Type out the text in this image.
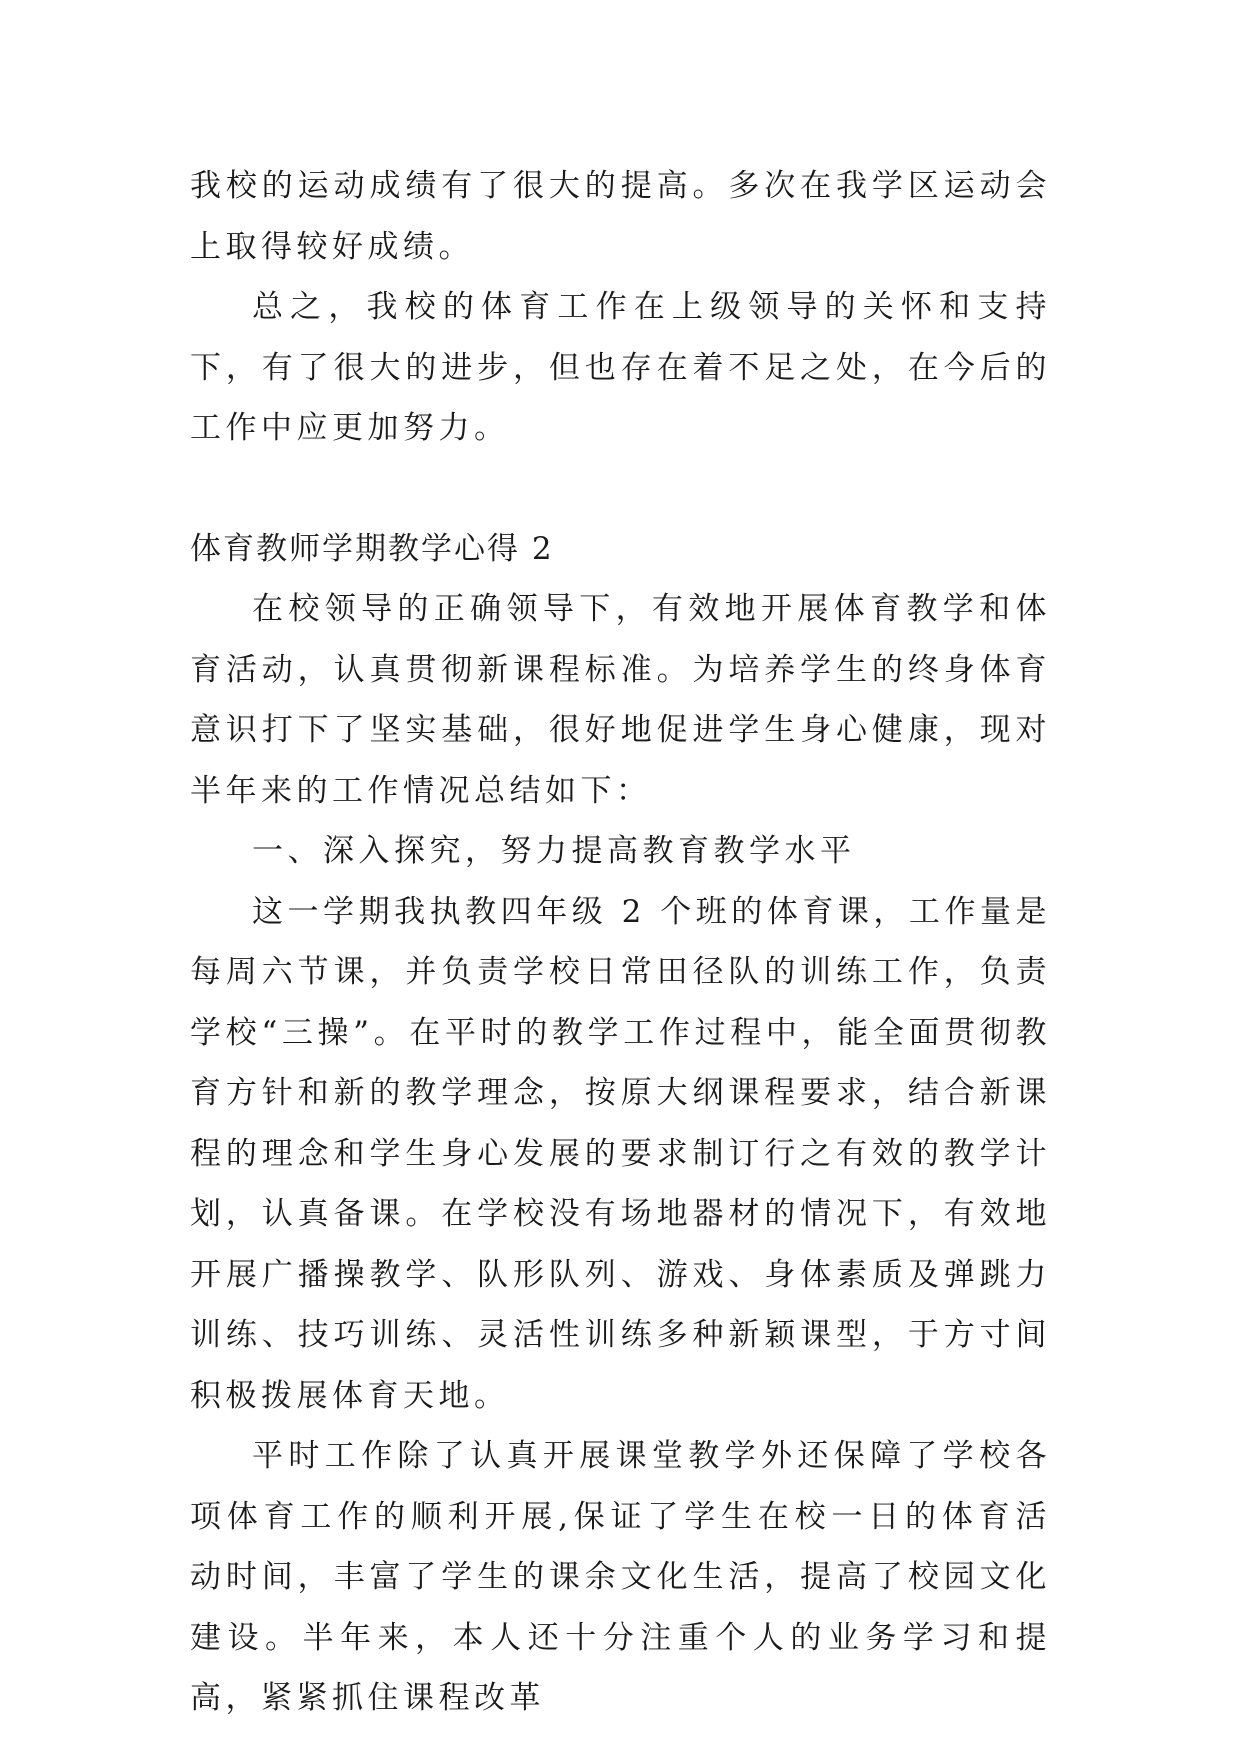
我校的运动成绩有了很大的提高。多次在我学区运动会上取得较好成绩。

总之，我校的体育工作在上级领导的关怀和支持下，有了很大的进步，但也存在着不足之处，在今后的工作中应更加努力。

体育教师学期教学心得 2

在校领导的正确领导下，有效地开展体育教学和体育活动，认真贯彻新课程标准。为培养学生的终身体育意识打下了坚实基础，很好地促进学生身心健康，现对半年来的工作情况总结如下：

一、深入探究，努力提高教育教学水平

这一学期我执教四年级 2 个班的体育课，工作量是每周六节课，并负责学校日常田径队的训练工作，负责学校“三操”。在平时的教学工作过程中，能全面贯彻教育方针和新的教学理念，按原大纲课程要求，结合新课程的理念和学生身心发展的要求制订行之有效的教学计划，认真备课。在学校没有场地器材的情况下，有效地开展广播操教学、队形队列、游戏、身体素质及弹跳力训练、技巧训练、灵活性训练多种新颖课型，于方寸间积极拨展体育天地。

平时工作除了认真开展课堂教学外还保障了学校各项体育工作的顺利开展,保证了学生在校一日的体育活动时间，丰富了学生的课余文化生活，提高了校园文化建设。半年来，本人还十分注重个人的业务学习和提高，紧紧抓住课程改革
